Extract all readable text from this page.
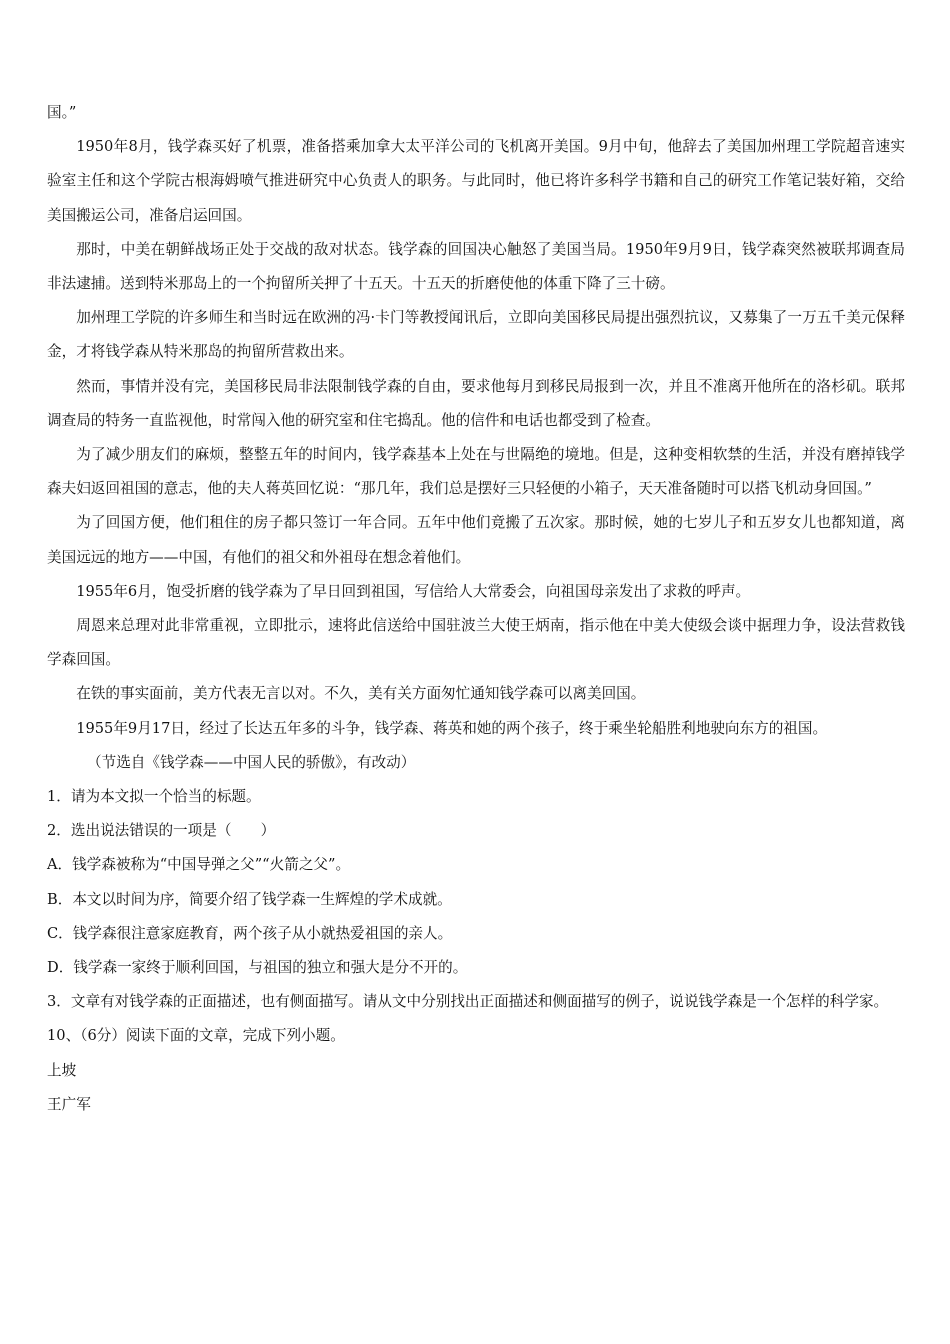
国。”

1950年8月，钱学森买好了机票，准备搭乘加拿大太平洋公司的飞机离开美国。9月中旬，他辞去了美国加州理工学院超音速实验室主任和这个学院古根海姆喷气推进研究中心负责人的职务。与此同时，他已将许多科学书籍和自己的研究工作笔记装好箱，交给美国搬运公司，准备启运回国。

那时，中美在朝鲜战场正处于交战的敌对状态。钱学森的回国决心触怒了美国当局。1950年9月9日，钱学森突然被联邦调查局非法逮捕。送到特米那岛上的一个拘留所关押了十五天。十五天的折磨使他的体重下降了三十磅。

加州理工学院的许多师生和当时远在欧洲的冯·卡门等教授闻讯后，立即向美国移民局提出强烈抗议，又募集了一万五千美元保释金，才将钱学森从特米那岛的拘留所营救出来。

然而，事情并没有完，美国移民局非法限制钱学森的自由，要求他每月到移民局报到一次，并且不准离开他所在的洛杉矶。联邦调查局的特务一直监视他，时常闯入他的研究室和住宅捣乱。他的信件和电话也都受到了检查。

为了减少朋友们的麻烦，整整五年的时间内，钱学森基本上处在与世隔绝的境地。但是，这种变相软禁的生活，并没有磨掉钱学森夫妇返回祖国的意志，他的夫人蒋英回忆说：“那几年，我们总是摆好三只轻便的小箱子，天天准备随时可以搭飞机动身回国。”

为了回国方便，他们租住的房子都只签订一年合同。五年中他们竟搬了五次家。那时候，她的七岁儿子和五岁女儿也都知道，离美国远远的地方——中国，有他们的祖父和外祖母在想念着他们。

1955年6月，饱受折磨的钱学森为了早日回到祖国，写信给人大常委会，向祖国母亲发出了求救的呼声。

周恩来总理对此非常重视，立即批示，速将此信送给中国驻波兰大使王炳南，指示他在中美大使级会谈中据理力争，设法营救钱学森回国。

在铁的事实面前，美方代表无言以对。不久，美有关方面匆忙通知钱学森可以离美回国。

1955年9月17日，经过了长达五年多的斗争，钱学森、蒋英和她的两个孩子，终于乘坐轮船胜利地驶向东方的祖国。

（节选自《钱学森——中国人民的骄傲》，有改动）

1．请为本文拟一个恰当的标题。

2．选出说法错误的一项是（　　）

A．钱学森被称为“中国导弹之父”“火箭之父”。

B．本文以时间为序，简要介绍了钱学森一生辉煌的学术成就。

C．钱学森很注意家庭教育，两个孩子从小就热爱祖国的亲人。

D．钱学森一家终于顺利回国，与祖国的独立和强大是分不开的。

3．文章有对钱学森的正面描述，也有侧面描写。请从文中分别找出正面描述和侧面描写的例子，说说钱学森是一个怎样的科学家。

10、（6分）阅读下面的文章，完成下列小题。

上坡

王广军
